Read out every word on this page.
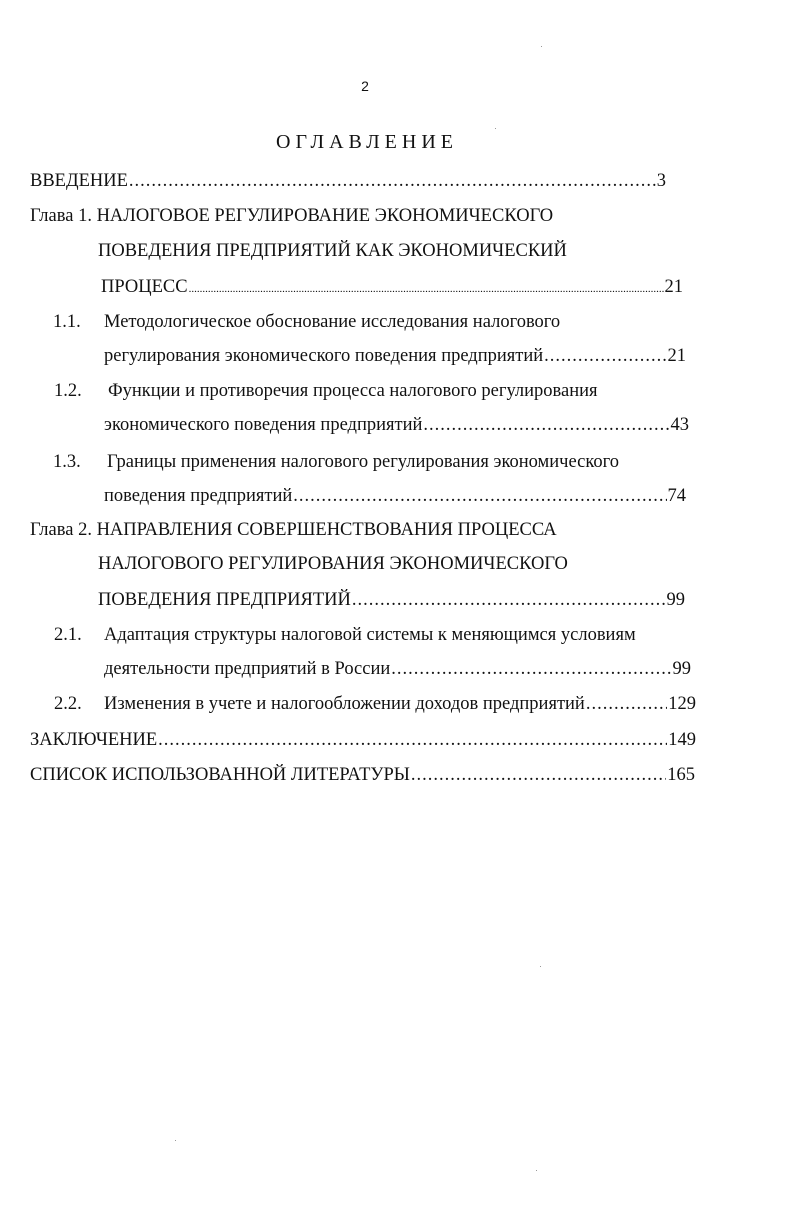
2
ОГЛАВЛЕНИЕ
ВВЕДЕНИЕ .....	3
Глава 1. НАЛОГОВОЕ РЕГУЛИРОВАНИЕ ЭКОНОМИЧЕСКОГО
ПОВЕДЕНИЯ ПРЕДПРИЯТИЙ КАК ЭКОНОМИЧЕСКИЙ
ПРОЦЕСС .....	21
1.1.	Методологическое обоснование исследования налогового
регулирования экономического поведения предприятий .....	21
1.2.	Функции и противоречия процесса налогового регулирования
экономического поведения предприятий .....	43
1.3.	Границы применения налогового регулирования экономического
поведения предприятий .....	74
Глава 2. НАПРАВЛЕНИЯ СОВЕРШЕНСТВОВАНИЯ ПРОЦЕССА
НАЛОГОВОГО РЕГУЛИРОВАНИЯ ЭКОНОМИЧЕСКОГО
ПОВЕДЕНИЯ ПРЕДПРИЯТИЙ .....	99
2.1.	Адаптация структуры налоговой системы к меняющимся условиям
деятельности предприятий в России .....	99
2.2.	Изменения в учете и налогообложении доходов предприятий .....	129
ЗАКЛЮЧЕНИЕ .....	149
СПИСОК ИСПОЛЬЗОВАННОЙ ЛИТЕРАТУРЫ .....	165
